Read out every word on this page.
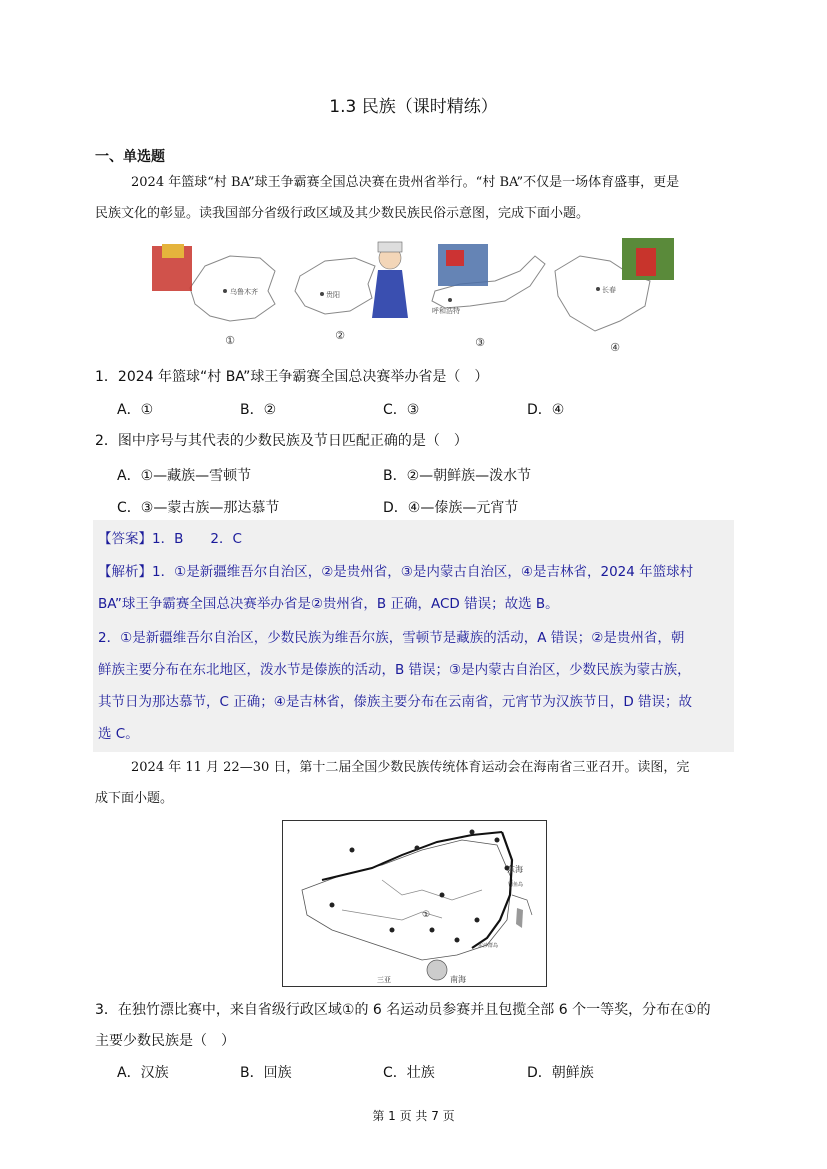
1.3 民族（课时精练）
一、单选题
2024 年篮球“村 BA”球王争霸赛全国总决赛在贵州省举行。“村 BA”不仅是一场体育盛事，更是
民族文化的彰显。读我国部分省级行政区域及其少数民族民俗示意图，完成下面小题。
乌鲁木齐
①
贵阳
②
呼和浩特
③
长春
④
1．2024 年篮球“村 BA”球王争霸赛全国总决赛举办省是（　）
A．①	B．②	C．③	D．④
2．图中序号与其代表的少数民族及节日匹配正确的是（　）
A．①—藏族—雪顿节	B．②—朝鲜族—泼水节
C．③—蒙古族—那达慕节	D．④—傣族—元宵节
【答案】1．B　　2．C
【解析】1．①是新疆维吾尔自治区，②是贵州省，③是内蒙古自治区，④是吉林省，2024 年篮球村
BA”球王争霸赛全国总决赛举办省是②贵州省，B 正确，ACD 错误；故选 B。
2．①是新疆维吾尔自治区，少数民族为维吾尔族，雪顿节是藏族的活动，A 错误；②是贵州省，朝
鲜族主要分布在东北地区，泼水节是傣族的活动，B 错误；③是内蒙古自治区，少数民族为蒙古族，
其节日为那达慕节，C 正确；④是吉林省，傣族主要分布在云南省，元宵节为汉族节日，D 错误；故
选 C。
2024 年 11 月 22—30 日，第十二届全国少数民族传统体育运动会在海南省三亚召开。读图，完
成下面小题。
东海
钓鱼岛
①
东沙群岛
三亚	南海
3．在独竹漂比赛中，来自省级行政区域①的 6 名运动员参赛并且包揽全部 6 个一等奖，分布在①的
主要少数民族是（　）
A．汉族	B．回族	C．壮族	D．朝鲜族
第 1 页 共 7 页
